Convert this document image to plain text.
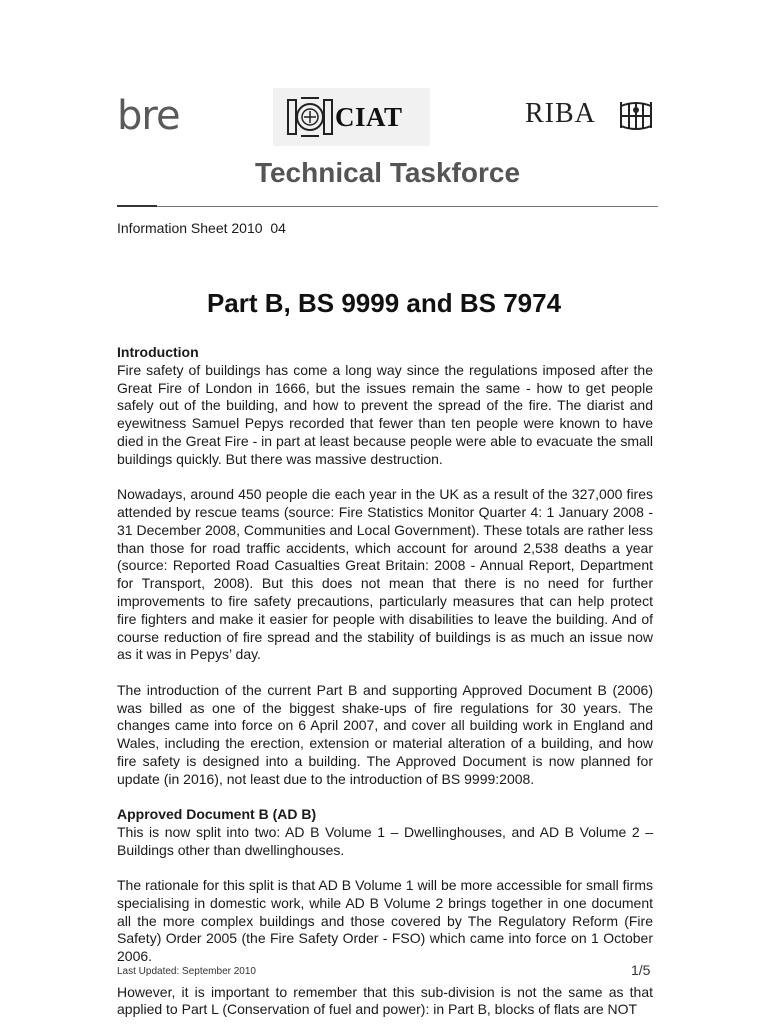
bre	CIAT	RIBA
Technical Taskforce
Information Sheet 2010  04
Part B, BS 9999 and BS 7974
Introduction

Fire safety of buildings has come a long way since the regulations imposed after the Great Fire of London in 1666, but the issues remain the same - how to get people safely out of the building, and how to prevent the spread of the fire. The diarist and eyewitness Samuel Pepys recorded that fewer than ten people were known to have died in the Great Fire - in part at least because people were able to evacuate the small buildings quickly. But there was massive destruction.

Nowadays, around 450 people die each year in the UK as a result of the 327,000 fires attended by rescue teams (source: Fire Statistics Monitor Quarter 4: 1 January 2008 - 31 December 2008, Communities and Local Government). These totals are rather less than those for road traffic accidents, which account for around 2,538 deaths a year (source: Reported Road Casualties Great Britain: 2008 - Annual Report, Department for Transport, 2008). But this does not mean that there is no need for further improvements to fire safety precautions, particularly measures that can help protect fire fighters and make it easier for people with disabilities to leave the building. And of course reduction of fire spread and the stability of buildings is as much an issue now as it was in Pepys’ day.

The introduction of the current Part B and supporting Approved Document B (2006) was billed as one of the biggest shake-ups of fire regulations for 30 years. The changes came into force on 6 April 2007, and cover all building work in England and Wales, including the erection, extension or material alteration of a building, and how fire safety is designed into a building. The Approved Document is now planned for update (in 2016), not least due to the introduction of BS 9999:2008.

Approved Document B (AD B)

This is now split into two: AD B Volume 1 – Dwellinghouses, and AD B Volume 2 – Buildings other than dwellinghouses.

The rationale for this split is that AD B Volume 1 will be more accessible for small firms specialising in domestic work, while AD B Volume 2 brings together in one document all the more complex buildings and those covered by The Regulatory Reform (Fire Safety) Order 2005 (the Fire Safety Order - FSO) which came into force on 1 October 2006.

However, it is important to remember that this sub-division is not the same as that applied to Part L (Conservation of fuel and power): in Part B, blocks of flats are NOT

Last Updated: September 2010	1/5
